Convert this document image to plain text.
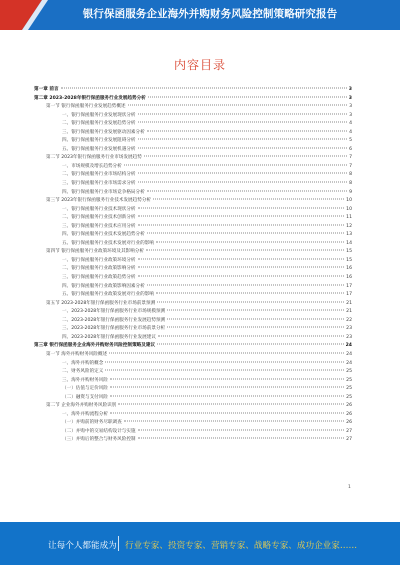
银行保函服务企业海外并购财务风险控制策略研究报告
内容目录
第一章 前言	3
第二章 2023-2028年银行保函服务行业发展趋势分析	3
第一节 银行保函服务行业发展趋势概述	3
一、银行保函服务行业发展现状分析	3
二、银行保函服务行业发展趋势分析	4
三、银行保函服务行业发展驱动因素分析	4
四、银行保函服务行业发展阻碍分析	5
五、银行保函服务行业发展机遇分析	6
第二节 2023年银行保函服务行业市场发展趋势	7
一、市场规模及增长趋势分析	7
二、银行保函服务行业市场结构分析	8
三、银行保函服务行业市场需求分析	8
四、银行保函服务行业市场竞争格局分析	9
第三节 2023年银行保函服务行业技术发展趋势分析	10
一、银行保函服务行业技术现状分析	10
二、银行保函服务行业技术创新分析	11
三、银行保函服务行业技术应用分析	12
四、银行保函服务行业技术发展趋势分析	13
五、银行保函服务行业技术发展对行业的影响	14
第四节 银行保函服务行业政策环境及其影响分析	15
一、银行保函服务行业政策环境分析	15
二、银行保函服务行业政策影响分析	16
三、银行保函服务行业政策趋势分析	16
四、银行保函服务行业政策影响因素分析	17
五、银行保函服务行业政策发展对行业的影响	17
第五节 2023-2028年银行保函服务行业市场前景预测	21
一、2023-2028年银行保函服务行业市场规模预测	21
二、2023-2028年银行保函服务行业发展趋势预测	22
三、2023-2028年银行保函服务行业市场前景分析	23
四、2023-2028年银行保函服务行业发展建议	23
第三章 银行保函服务企业海外并购财务风险控制策略及建议	24
第一节 海外并购财务风险概述	24
一、海外并购的概念	24
二、财务风险的定义	25
三、海外并购财务风险	25
（一）估值与定价风险	25
（二）融资与支付风险	25
第二节 企业海外并购财务风险识别	26
一、海外并购流程分析	26
（一）并购前的财务尽职调查	26
（二）并购中的交易结构设计与实施	27
（三）并购后的整合与财务风险控制	27
1
让每个人都能成为 行业专家、投资专家、营销专家、战略专家、成功企业家……
